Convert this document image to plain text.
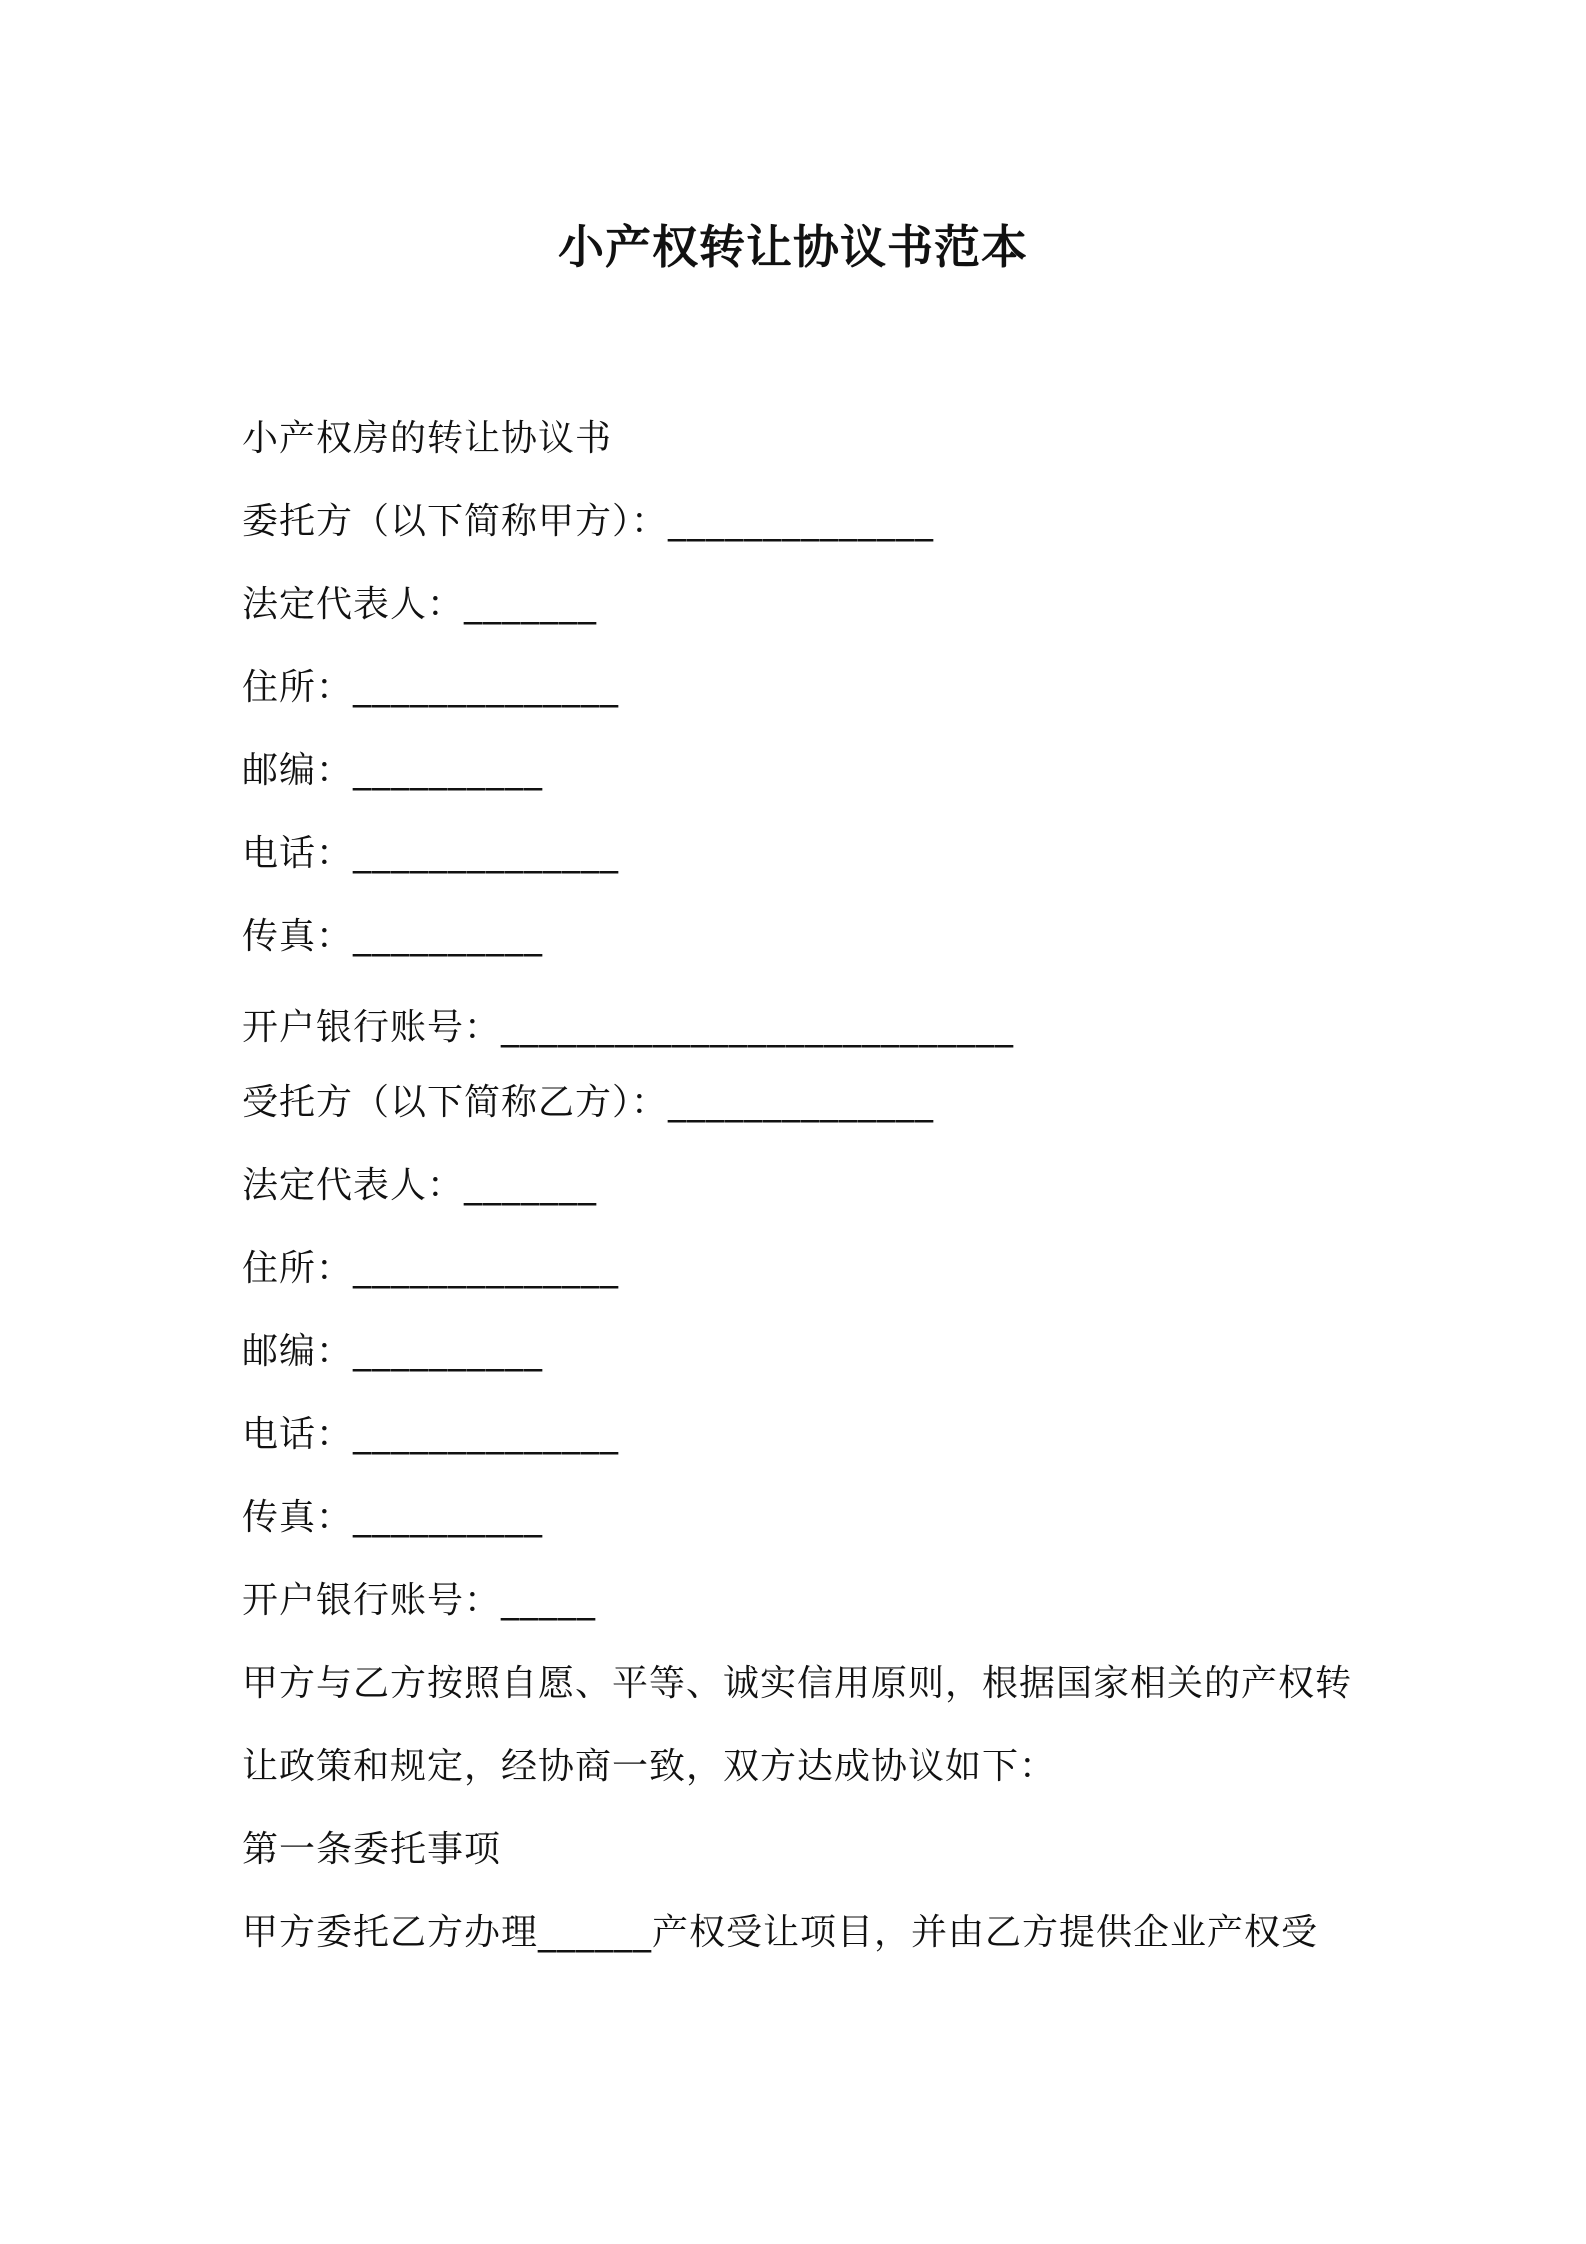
小产权转让协议书范本
小产权房的转让协议书
委托方（以下简称甲方）：______________
法定代表人：_______
住所：______________
邮编：__________
电话：______________
传真：__________
开户银行账号：___________________________
受托方（以下简称乙方）：______________
法定代表人：_______
住所：______________
邮编：__________
电话：______________
传真：__________
开户银行账号：_____
甲方与乙方按照自愿、平等、诚实信用原则，根据国家相关的产权转
让政策和规定，经协商一致，双方达成协议如下：
第一条委托事项
甲方委托乙方办理______产权受让项目，并由乙方提供企业产权受
